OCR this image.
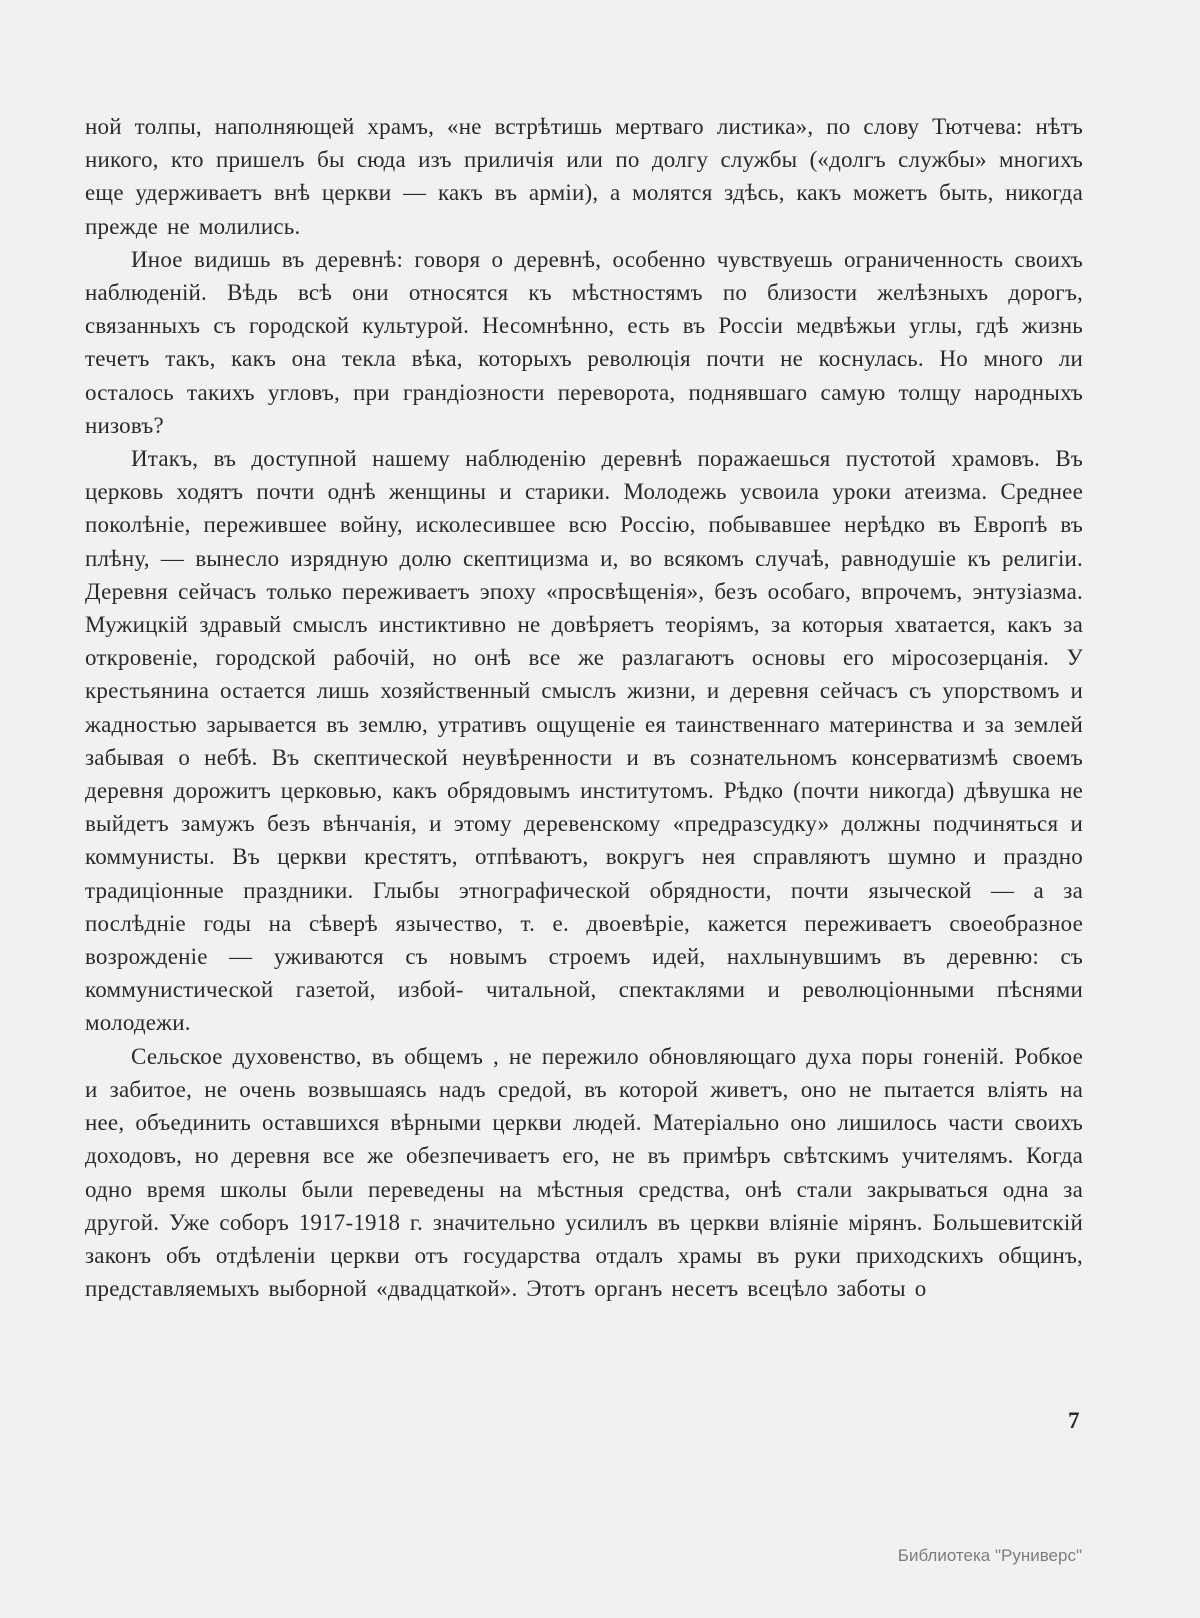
ной толпы, наполняющей храмъ, «не встрѣтишь мертваго листика», по слову Тютчева: нѣтъ никого, кто пришелъ бы сюда изъ приличія или по долгу службы («долгъ службы» многихъ еще удерживаетъ внѣ церкви — какъ въ арміи), а молятся здѣсь, какъ можетъ быть, никогда прежде не молились.

Иное видишь въ деревнѣ: говоря о деревнѣ, особенно чувствуешь ограниченность своихъ наблюденій. Вѣдь всѣ они относятся къ мѣстностямъ по близости желѣзныхъ дорогъ, связанныхъ съ городской культурой. Несомнѣнно, есть въ Россіи медвѣжьи углы, гдѣ жизнь течетъ такъ, какъ она текла вѣка, которыхъ революція почти не коснулась. Но много ли осталось такихъ угловъ, при грандіозности переворота, поднявшаго самую толщу народныхъ низовъ?

Итакъ, въ доступной нашему наблюденію деревнѣ поражаешься пустотой храмовъ. Въ церковь ходятъ почти однѣ женщины и старики. Молодежь усвоила уроки атеизма. Среднее поколѣніе, пережившее войну, исколесившее всю Россію, побывавшее нерѣдко въ Европѣ въ плѣну, — вынесло изрядную долю скептицизма и, во всякомъ случаѣ, равнодушіе къ религіи. Деревня сейчасъ только переживаетъ эпоху «просвѣщенія», безъ особаго, впрочемъ, энтузіазма. Мужицкій здравый смыслъ инстиктивно не довѣряетъ теоріямъ, за которыя хватается, какъ за откровеніе, городской рабочій, но онѣ все же разлагаютъ основы его міросозерцанія. У крестьянина остается лишь хозяйственный смыслъ жизни, и деревня сейчасъ съ упорствомъ и жадностью зарывается въ землю, утративъ ощущеніе ея таинственнаго материнства и за землей забывая о небѣ. Въ скептической неувѣренности и въ сознательномъ консерватизмѣ своемъ деревня дорожитъ церковью, какъ обрядовымъ институтомъ. Рѣдко (почти никогда) дѣвушка не выйдетъ замужъ безъ вѣнчанія, и этому деревенскому «предразсудку» должны подчиняться и коммунисты. Въ церкви крестятъ, отпѣваютъ, вокругъ нея справляютъ шумно и праздно традиціонные праздники. Глыбы этнографической обрядности, почти языческой — а за послѣдніе годы на сѣверѣ язычество, т. е. двоевѣріе, кажется переживаетъ своеобразное возрожденіе — уживаются съ новымъ строемъ идей, нахлынувшимъ въ деревню: съ коммунистической газетой, избой- читальной, спектаклями и революціонными пѣснями молодежи.

Сельское духовенство, въ общемъ , не пережило обновляющаго духа поры гоненій. Робкое и забитое, не очень возвышаясь надъ средой, въ которой живетъ, оно не пытается вліять на нее, объединить оставшихся вѣрными церкви людей. Матеріально оно лишилось части своихъ доходовъ, но деревня все же обезпечиваетъ его, не въ примѣръ свѣтскимъ учителямъ. Когда одно время школы были переведены на мѣстныя средства, онѣ стали закрываться одна за другой. Уже соборъ 1917-1918 г. значительно усилилъ въ церкви вліяніе мірянъ. Большевитскій законъ объ отдѣленіи церкви отъ государства отдалъ храмы въ руки приходскихъ общинъ, представляемыхъ выборной «двадцаткой». Этотъ органъ несетъ всецѣло заботы о

7
Библиотека "Руниверс"
